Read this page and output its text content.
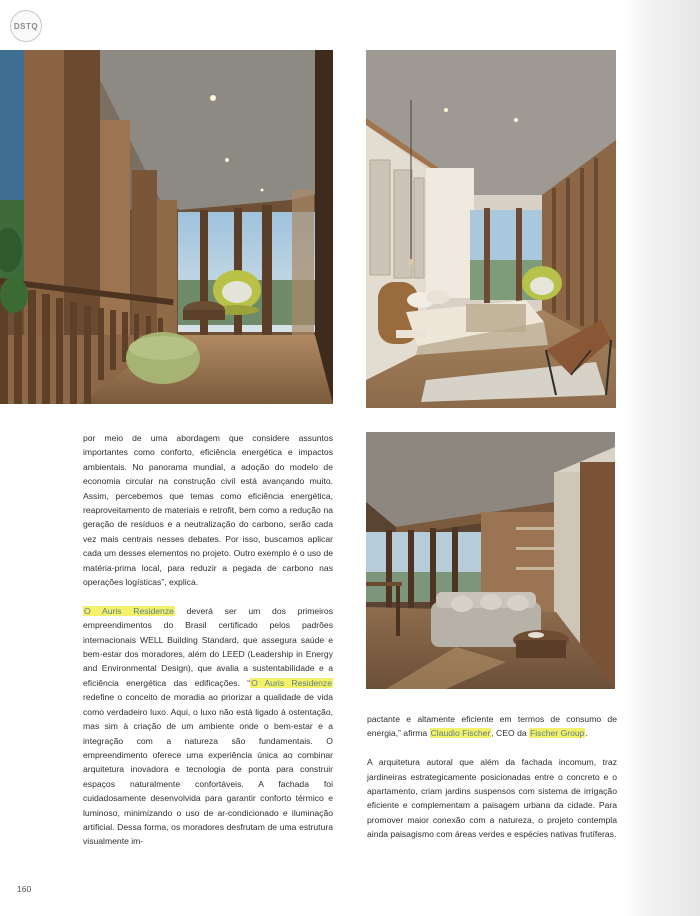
DSTQ

por meio de uma abordagem que considere assuntos importantes como conforto, eficiência energética e impactos ambientais. No panorama mundial, a adoção do modelo de economia circular na construção civil está avançando muito. Assim, percebemos que temas como eficiência energética, reaproveitamento de materiais e retrofit, bem como a redução na geração de resíduos e a neutralização do carbono, serão cada vez mais centrais nesses debates. Por isso, buscamos aplicar cada um desses elementos no projeto. Outro exemplo é o uso de matéria-prima local, para reduzir a pegada de carbono nas operações logísticas”, explica.

O Auris Residenze deverá ser um dos primeiros empreendimentos do Brasil certificado pelos padrões internacionais WELL Building Standard, que assegura saúde e bem-estar dos moradores, além do LEED (Leadership in Energy and Environmental Design), que avalia a sustentabilidade e a eficiência energética das edificações. “O Auris Residenze redefine o conceito de moradia ao priorizar a qualidade de vida como verdadeiro luxo. Aqui, o luxo não está ligado à ostentação, mas sim à criação de um ambiente onde o bem-estar e a integração com a natureza são fundamentais. O empreendimento oferece uma experiência única ao combinar arquitetura inovadora e tecnologia de ponta para construir espaços naturalmente confortáveis. A fachada foi cuidadosamente desenvolvida para garantir conforto térmico e luminoso, minimizando o uso de ar-condicionado e iluminação artificial. Dessa forma, os moradores desfrutam de uma estrutura visualmente im-

pactante e altamente eficiente em termos de consumo de energia,” afirma Claudio Fischer, CEO da Fischer Group.

A arquitetura autoral que além da fachada incomum, traz jardineiras estrategicamente posicionadas entre o concreto e o apartamento, criam jardins suspensos com sistema de irrigação eficiente e complementam a paisagem urbana da cidade. Para promover maior conexão com a natureza, o projeto contempla ainda paisagismo com áreas verdes e espécies nativas frutíferas.

160
